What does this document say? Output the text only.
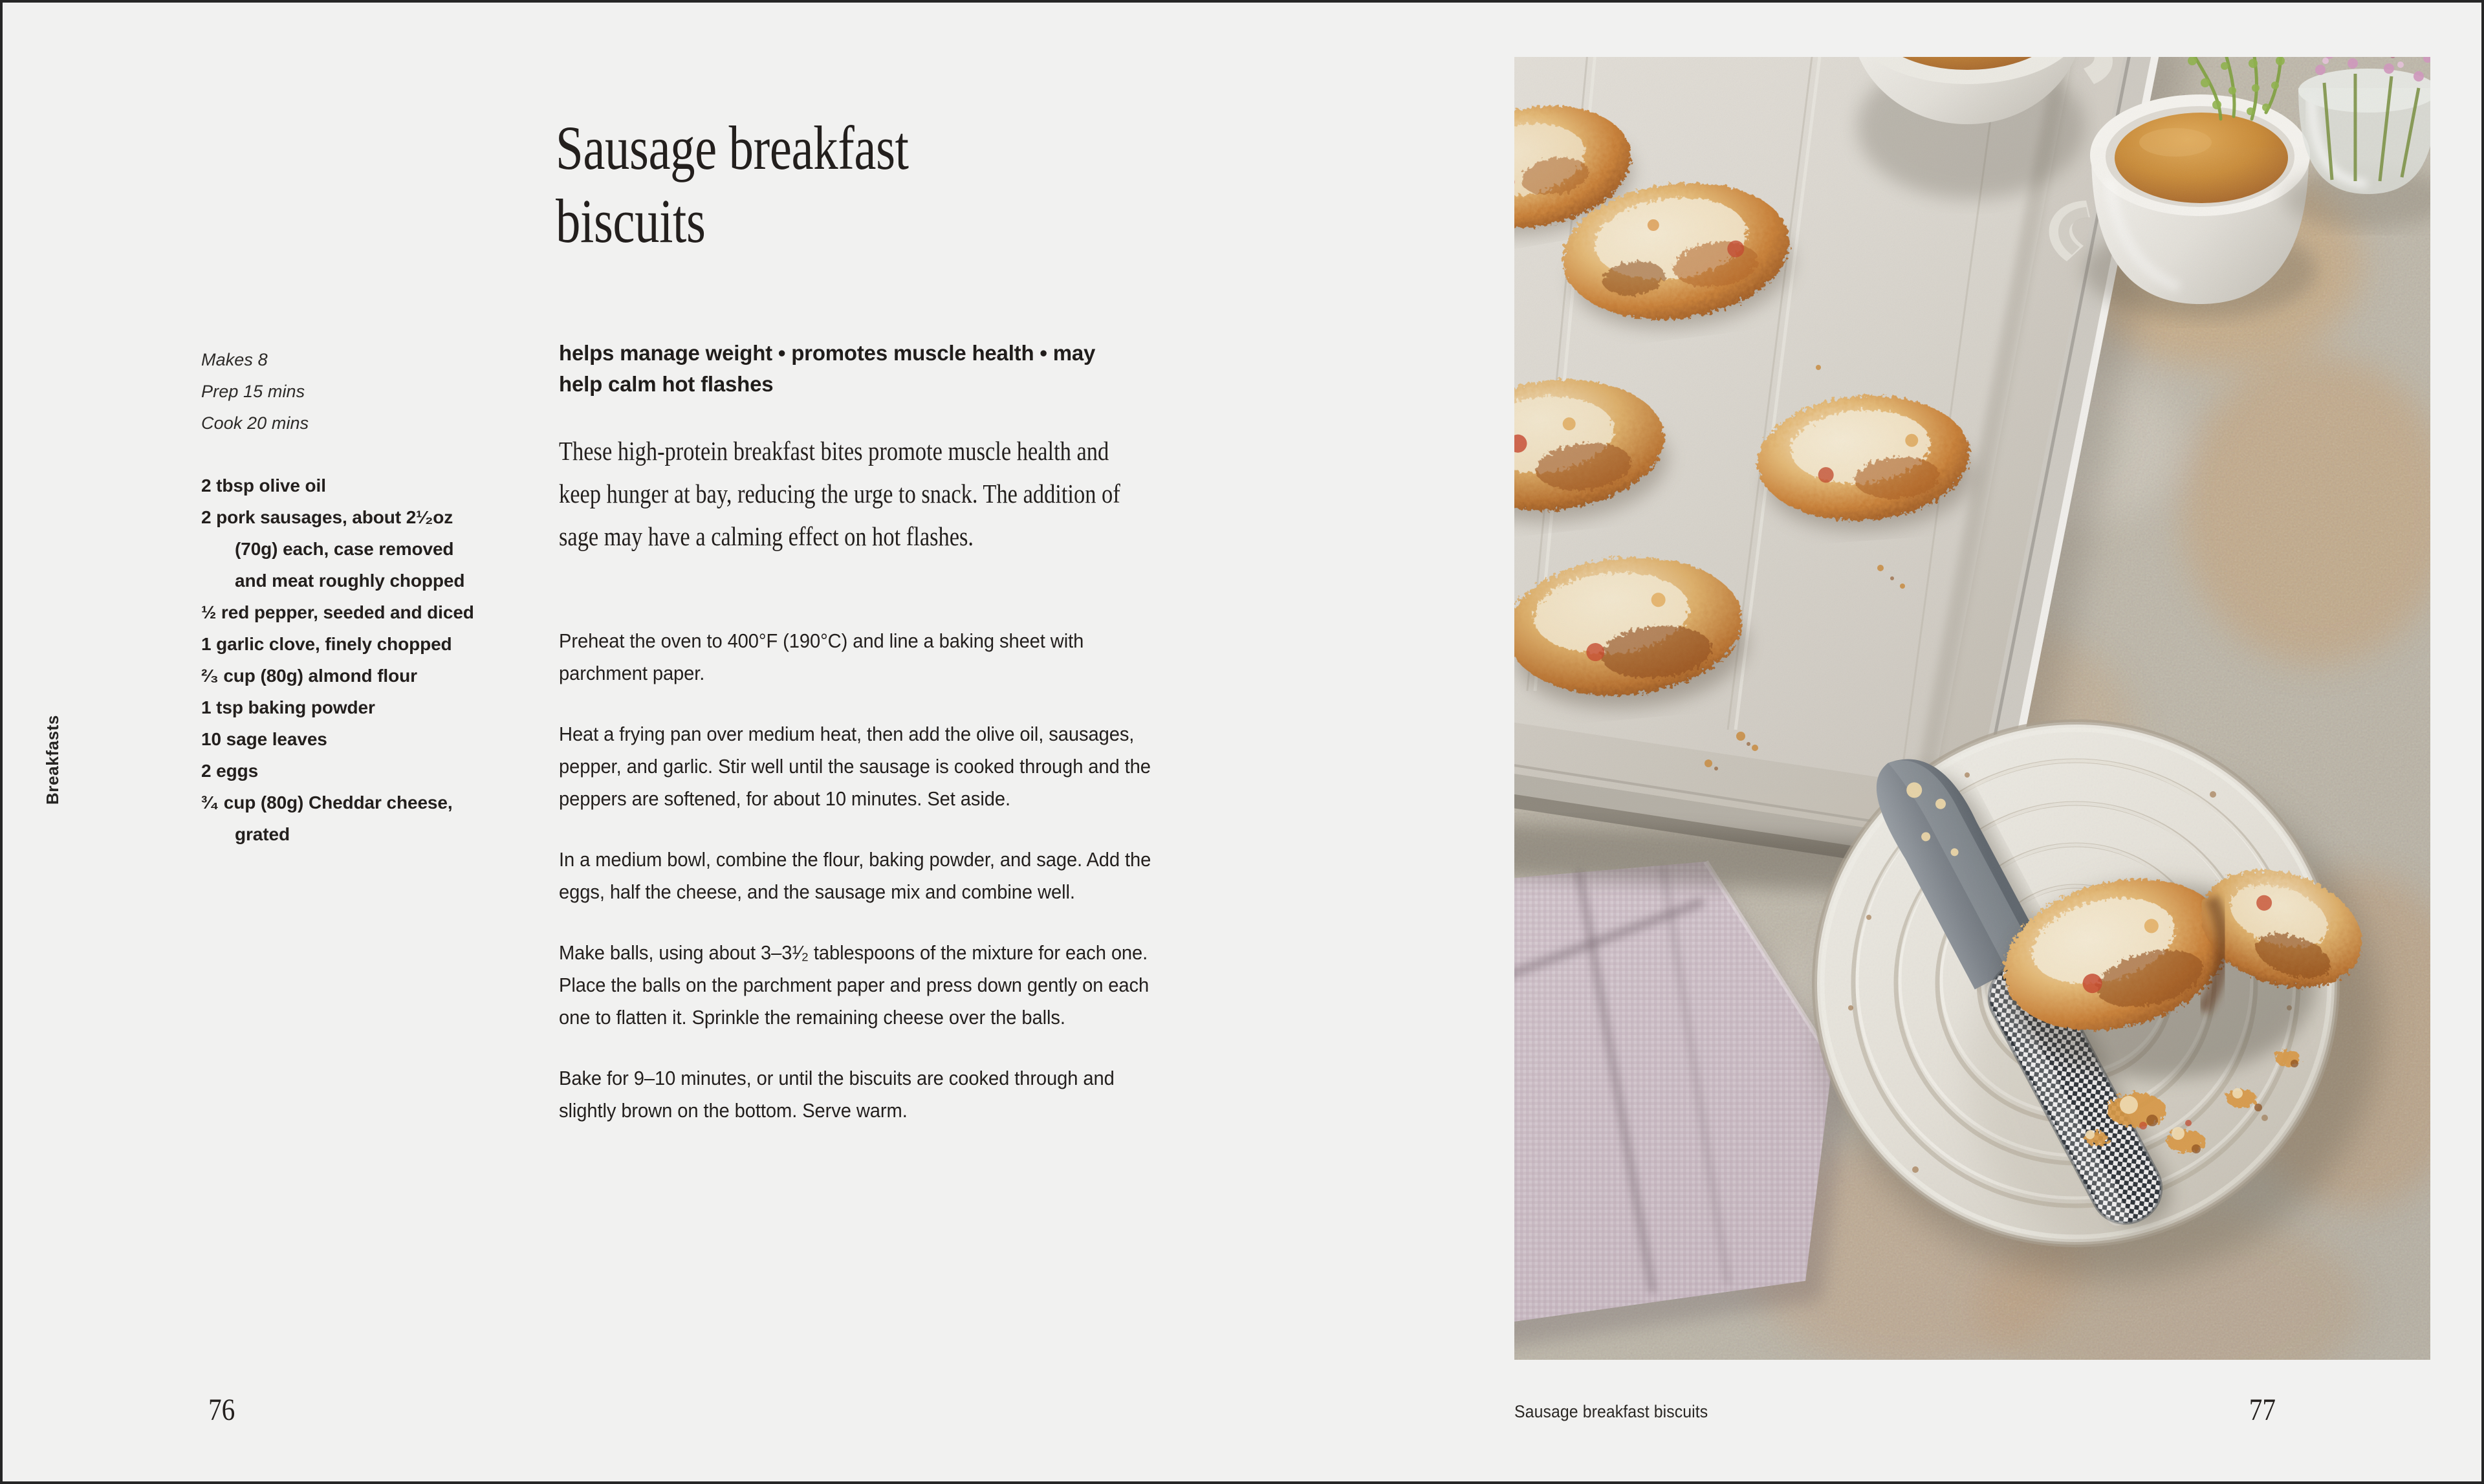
Breakfasts
Sausage breakfast
biscuits
Makes 8
Prep 15 mins
Cook 20 mins
2 tbsp olive oil
2 pork sausages, about 2¹⁄₂oz (70g) each, case removed and meat roughly chopped
½ red pepper, seeded and diced
1 garlic clove, finely chopped
²⁄₃ cup (80g) almond flour
1 tsp baking powder
10 sage leaves
2 eggs
³⁄₄ cup (80g) Cheddar cheese, grated
helps manage weight • promotes muscle health • may help calm hot flashes
These high-protein breakfast bites promote muscle health and keep hunger at bay, reducing the urge to snack. The addition of sage may have a calming effect on hot flashes.

Preheat the oven to 400°F (190°C) and line a baking sheet with parchment paper.

Heat a frying pan over medium heat, then add the olive oil, sausages, pepper, and garlic. Stir well until the sausage is cooked through and the peppers are softened, for about 10 minutes. Set aside.

In a medium bowl, combine the flour, baking powder, and sage. Add the eggs, half the cheese, and the sausage mix and combine well.

Make balls, using about 3–3¹⁄₂ tablespoons of the mixture for each one. Place the balls on the parchment paper and press down gently on each one to flatten it. Sprinkle the remaining cheese over the balls.

Bake for 9–10 minutes, or until the biscuits are cooked through and slightly brown on the bottom. Serve warm.

76	Sausage breakfast biscuits	77
